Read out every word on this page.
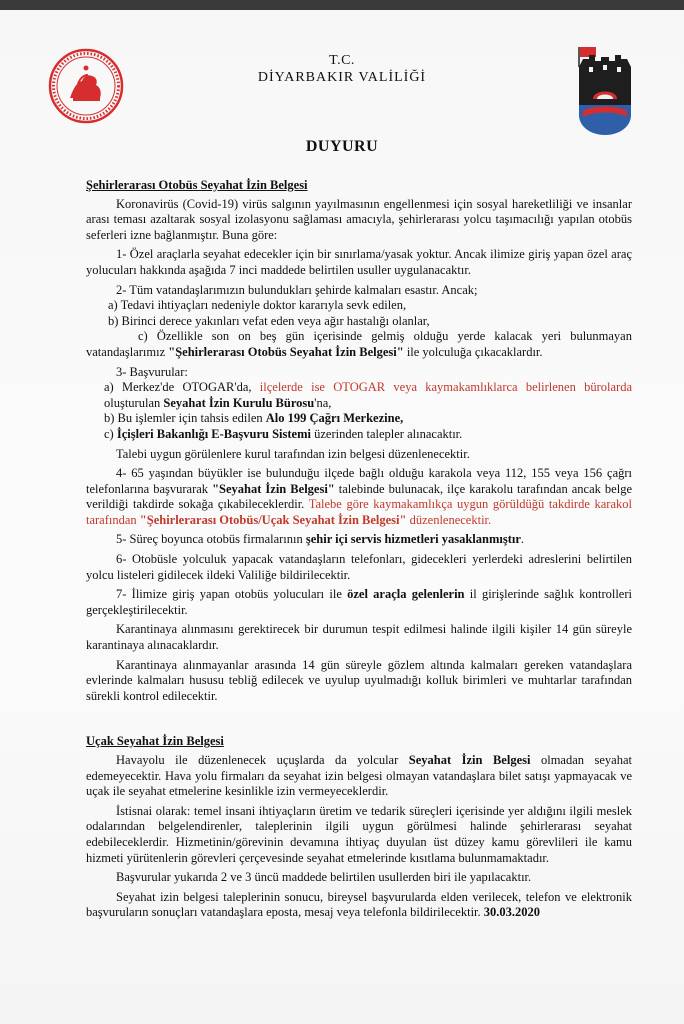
T.C.
DİYARBAKIR VALİLİĞİ
DUYURU
Şehirlerarası Otobüs Seyahat İzin Belgesi

Koronavirüs (Covid-19) virüs salgının yayılmasının engellenmesi için sosyal hareketliliği ve insanlar arası teması azaltarak sosyal izolasyonu sağlaması amacıyla, şehirlerarası yolcu taşımacılığı yapılan otobüs seferleri izne bağlanmıştır. Buna göre:

1- Özel araçlarla seyahat edecekler için bir sınırlama/yasak yoktur. Ancak ilimize giriş yapan özel araç yolucuları hakkında aşağıda 7 inci maddede belirtilen usuller uygulanacaktır.

2- Tüm vatandaşlarımızın bulundukları şehirde kalmaları esastır. Ancak;

a) Tedavi ihtiyaçları nedeniyle doktor kararıyla sevk edilen,

b) Birinci derece yakınları vefat eden veya ağır hastalığı olanlar,

c) Özellikle son on beş gün içerisinde gelmiş olduğu yerde kalacak yeri bulunmayan vatandaşlarımız "Şehirlerarası Otobüs Seyahat İzin Belgesi" ile yolculuğa çıkacaklardır.

3- Başvurular:

a) Merkez'de OTOGAR'da, ilçelerde ise OTOGAR veya kaymakamlıklarca belirlenen bürolarda oluşturulan Seyahat İzin Kurulu Bürosu'na,

b) Bu işlemler için tahsis edilen Alo 199 Çağrı Merkezine,

c) İçişleri Bakanlığı E-Başvuru Sistemi üzerinden talepler alınacaktır.

Talebi uygun görülenlere kurul tarafından izin belgesi düzenlenecektir.

4- 65 yaşından büyükler ise bulunduğu ilçede bağlı olduğu karakola veya 112, 155 veya 156 çağrı telefonlarına başvurarak "Seyahat İzin Belgesi" talebinde bulunacak, ilçe karakolu tarafından ancak belge verildiği takdirde sokağa çıkabileceklerdir. Talebe göre kaymakamlıkça uygun görüldüğü takdirde karakol tarafından "Şehirlerarası Otobüs/Uçak Seyahat İzin Belgesi" düzenlenecektir.

5- Süreç boyunca otobüs firmalarının şehir içi servis hizmetleri yasaklanmıştır.

6- Otobüsle yolculuk yapacak vatandaşların telefonları, gidecekleri yerlerdeki adreslerini belirtilen yolcu listeleri gidilecek ildeki Valiliğe bildirilecektir.

7- İlimize giriş yapan otobüs yolucuları ile özel araçla gelenlerin il girişlerinde sağlık kontrolleri gerçekleştirilecektir.

Karantinaya alınmasını gerektirecek bir durumun tespit edilmesi halinde ilgili kişiler 14 gün süreyle karantinaya alınacaklardır.

Karantinaya alınmayanlar arasında 14 gün süreyle gözlem altında kalmaları gereken vatandaşlara evlerinde kalmaları hususu tebliğ edilecek ve uyulup uyulmadığı kolluk birimleri ve muhtarlar tarafından sürekli kontrol edilecektir.

Uçak Seyahat İzin Belgesi

Havayolu ile düzenlenecek uçuşlarda da yolcular Seyahat İzin Belgesi olmadan seyahat edemeyecektir. Hava yolu firmaları da seyahat izin belgesi olmayan vatandaşlara bilet satışı yapmayacak ve uçak ile seyahat etmelerine kesinlikle izin vermeyeceklerdir.

İstisnai olarak: temel insani ihtiyaçların üretim ve tedarik süreçleri içerisinde yer aldığını ilgili meslek odalarından belgelendirenler, taleplerinin ilgili uygun görülmesi halinde şehirlerarası seyahat edebileceklerdir. Hizmetinin/görevinin devamına ihtiyaç duyulan üst düzey kamu görevlileri ile kamu hizmeti yürütenlerin görevleri çerçevesinde seyahat etmelerinde kısıtlama bulunmamaktadır.

Başvurular yukarıda 2 ve 3 üncü maddede belirtilen usullerden biri ile yapılacaktır.

Seyahat izin belgesi taleplerinin sonucu, bireysel başvurularda elden verilecek, telefon ve elektronik başvuruların sonuçları vatandaşlara eposta, mesaj veya telefonla bildirilecektir. 30.03.2020
